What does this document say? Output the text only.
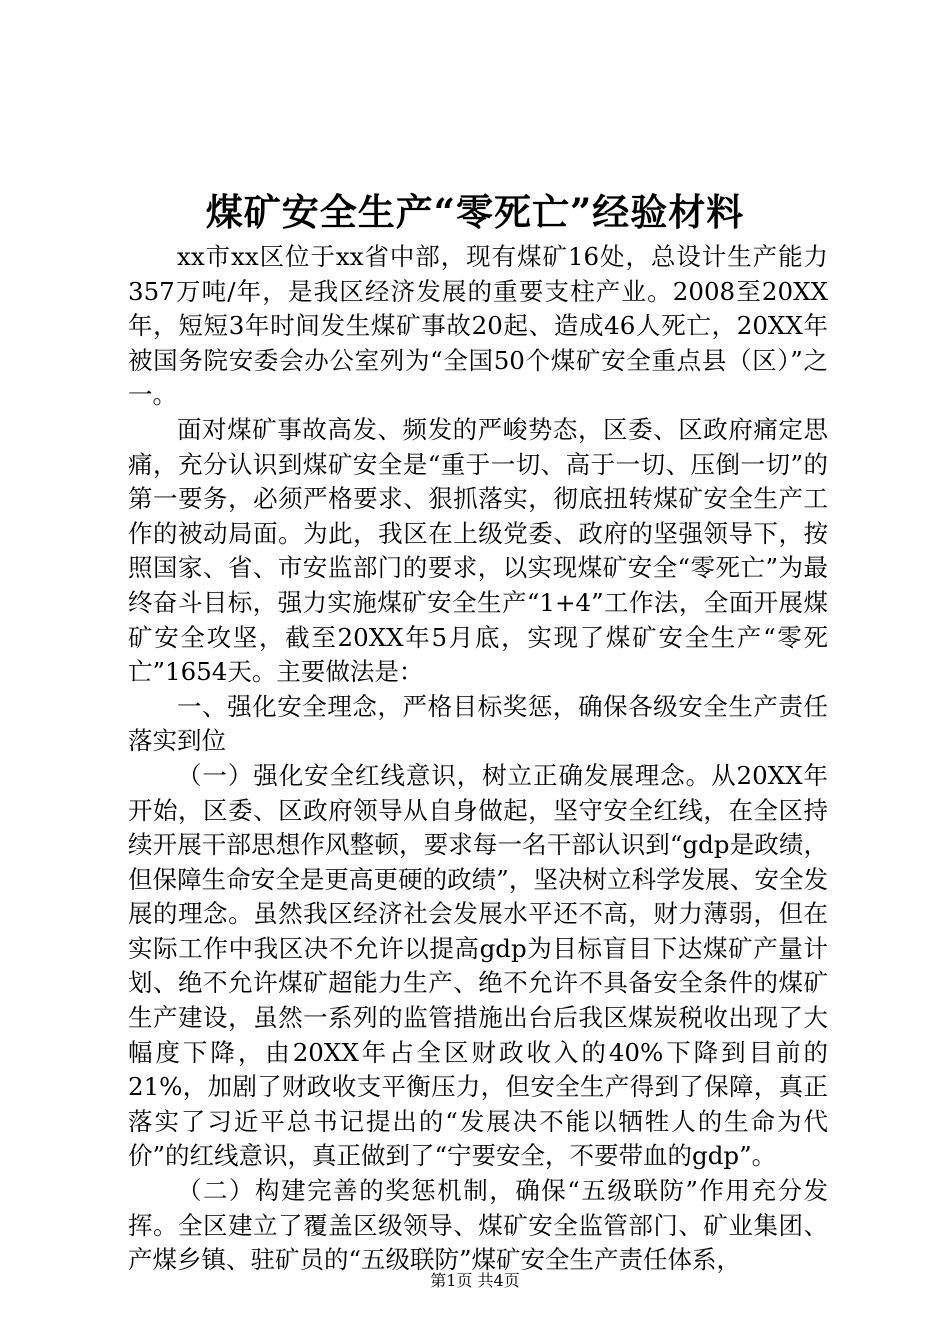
煤矿安全生产“零死亡”经验材料

xx市xx区位于xx省中部，现有煤矿16处，总设计生产能力357万吨/年，是我区经济发展的重要支柱产业。2008至20XX年，短短3年时间发生煤矿事故20起、造成46人死亡，20XX年被国务院安委会办公室列为“全国50个煤矿安全重点县（区）”之一。

面对煤矿事故高发、频发的严峻势态，区委、区政府痛定思痛，充分认识到煤矿安全是“重于一切、高于一切、压倒一切”的第一要务，必须严格要求、狠抓落实，彻底扭转煤矿安全生产工作的被动局面。为此，我区在上级党委、政府的坚强领导下，按照国家、省、市安监部门的要求，以实现煤矿安全“零死亡”为最终奋斗目标，强力实施煤矿安全生产“1+4”工作法，全面开展煤矿安全攻坚，截至20XX年5月底，实现了煤矿安全生产“零死亡”1654天。主要做法是：

一、强化安全理念，严格目标奖惩，确保各级安全生产责任落实到位

（一）强化安全红线意识，树立正确发展理念。从20XX年开始，区委、区政府领导从自身做起，坚守安全红线，在全区持续开展干部思想作风整顿，要求每一名干部认识到“gdp是政绩，但保障生命安全是更高更硬的政绩”，坚决树立科学发展、安全发展的理念。虽然我区经济社会发展水平还不高，财力薄弱，但在实际工作中我区决不允许以提高gdp为目标盲目下达煤矿产量计划、绝不允许煤矿超能力生产、绝不允许不具备安全条件的煤矿生产建设，虽然一系列的监管措施出台后我区煤炭税收出现了大幅度下降，由20XX年占全区财政收入的40%下降到目前的21%，加剧了财政收支平衡压力，但安全生产得到了保障，真正落实了习近平总书记提出的“发展决不能以牺牲人的生命为代价”的红线意识，真正做到了“宁要安全，不要带血的gdp”。

（二）构建完善的奖惩机制，确保“五级联防”作用充分发挥。全区建立了覆盖区级领导、煤矿安全监管部门、矿业集团、产煤乡镇、驻矿员的“五级联防”煤矿安全生产责任体系，

第1页 共4页
